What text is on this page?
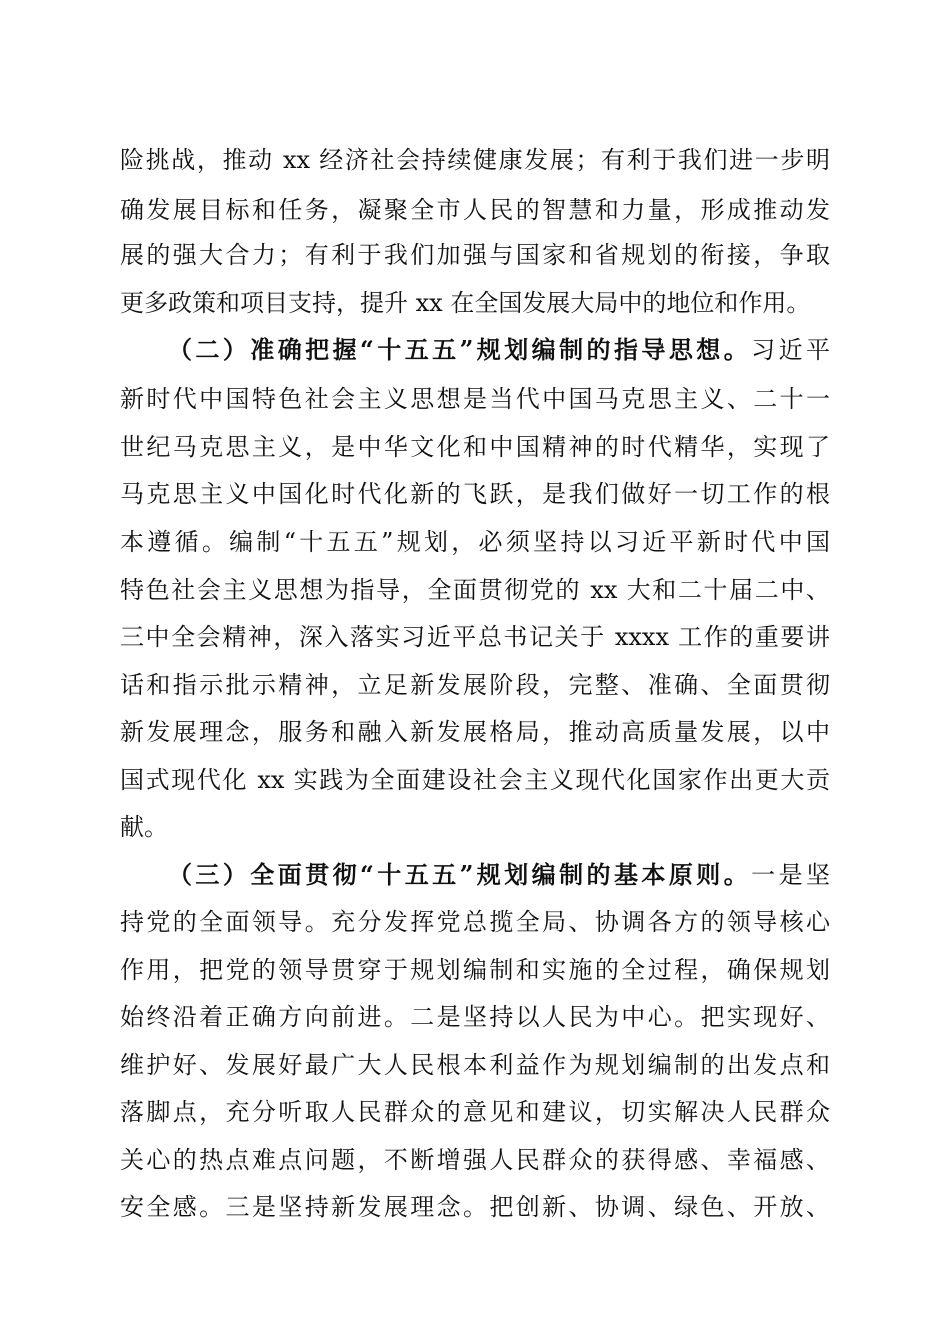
险挑战，推动 xx 经济社会持续健康发展；有利于我们进一步明
确发展目标和任务，凝聚全市人民的智慧和力量，形成推动发
展的强大合力；有利于我们加强与国家和省规划的衔接，争取
更多政策和项目支持，提升 xx 在全国发展大局中的地位和作用。
（二）准确把握“十五五”规划编制的指导思想。习近平
新时代中国特色社会主义思想是当代中国马克思主义、二十一
世纪马克思主义，是中华文化和中国精神的时代精华，实现了
马克思主义中国化时代化新的飞跃，是我们做好一切工作的根
本遵循。编制“十五五”规划，必须坚持以习近平新时代中国
特色社会主义思想为指导，全面贯彻党的 xx 大和二十届二中、
三中全会精神，深入落实习近平总书记关于 xxxx 工作的重要讲
话和指示批示精神，立足新发展阶段，完整、准确、全面贯彻
新发展理念，服务和融入新发展格局，推动高质量发展，以中
国式现代化 xx 实践为全面建设社会主义现代化国家作出更大贡
献。
（三）全面贯彻“十五五”规划编制的基本原则。一是坚
持党的全面领导。充分发挥党总揽全局、协调各方的领导核心
作用，把党的领导贯穿于规划编制和实施的全过程，确保规划
始终沿着正确方向前进。二是坚持以人民为中心。把实现好、
维护好、发展好最广大人民根本利益作为规划编制的出发点和
落脚点，充分听取人民群众的意见和建议，切实解决人民群众
关心的热点难点问题，不断增强人民群众的获得感、幸福感、
安全感。三是坚持新发展理念。把创新、协调、绿色、开放、
